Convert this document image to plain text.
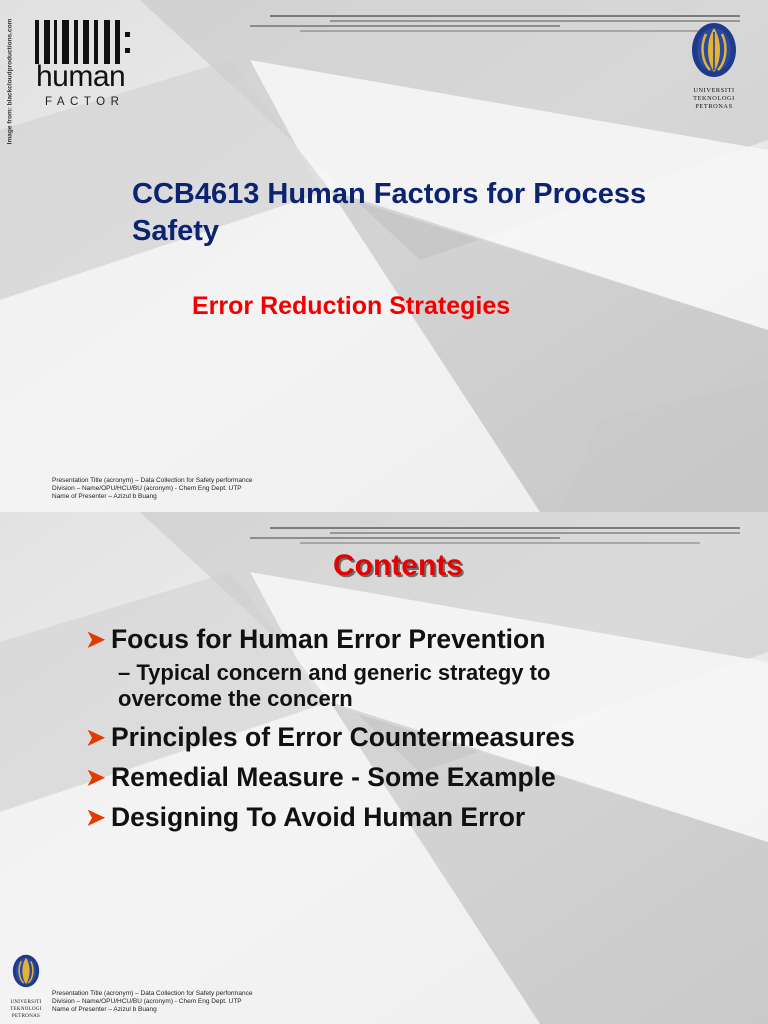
Image from: blackcloudproductions.com human
FACTOR
UNIVERSITI
TEKNOLOGI
PETRONAS
CCB4613 Human Factors for Process Safety
Error Reduction Strategies
Presentation Title (acronym) – Data Collection for Safety performance
Division – Name/OPU/HCU/BU (acronym) - Chem Eng Dept. UTP
Name of Presenter – Azizul b Buang
Contents
➤ Focus for Human Error Prevention
– Typical concern and generic strategy to overcome the concern
➤ Principles of Error Countermeasures
➤ Remedial Measure - Some Example
➤ Designing To Avoid Human Error
UNIVERSITI
TEKNOLOGI
PETRONAS
Presentation Title (acronym) – Data Collection for Safety performance
Division – Name/OPU/HCU/BU (acronym) - Chem Eng Dept. UTP
Name of Presenter – Azizul b Buang
